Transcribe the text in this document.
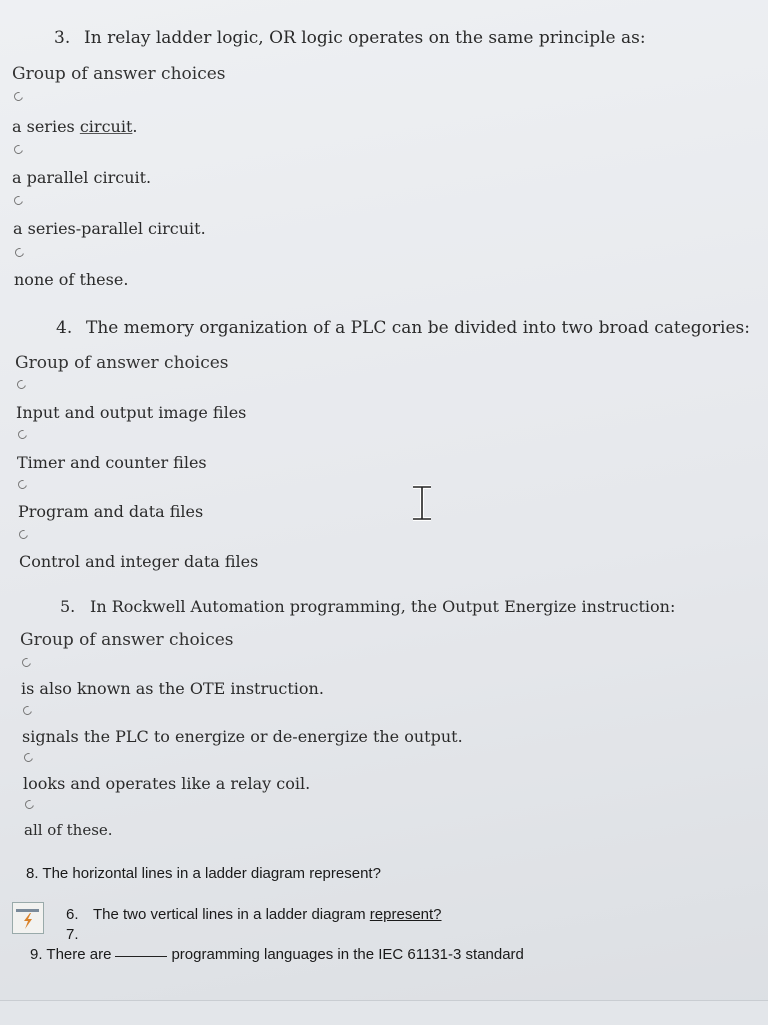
3. In relay ladder logic, OR logic operates on the same principle as:
Group of answer choices
a series circuit.
a parallel circuit.
a series-parallel circuit.
none of these.
4. The memory organization of a PLC can be divided into two broad categories:
Group of answer choices
Input and output image files
Timer and counter files
Program and data files
Control and integer data files
5. In Rockwell Automation programming, the Output Energize instruction:
Group of answer choices
is also known as the OTE instruction.
signals the PLC to energize or de-energize the output.
looks and operates like a relay coil.
all of these.
8. The horizontal lines in a ladder diagram represent?
6. The two vertical lines in a ladder diagram represent?
7.
9. There are	programming languages in the IEC 61131-3 standard
